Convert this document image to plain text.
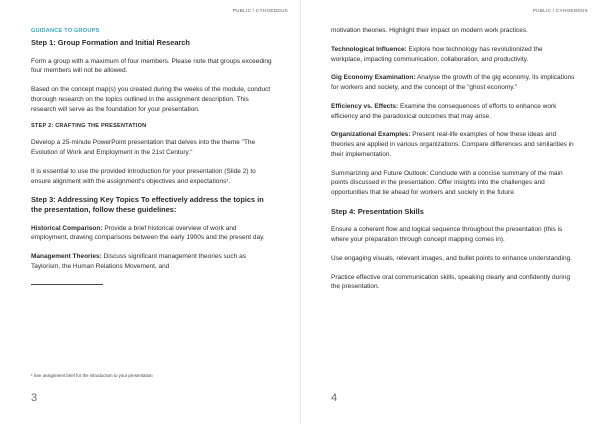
PUBLIC / CYHOEDDUS
GUIDANCE TO GROUPS
Step 1: Group Formation and Initial Research

Form a group with a maximum of four members. Please note that groups exceeding four members will not be allowed.

Based on the concept map(s) you created during the weeks of the module, conduct thorough research on the topics outlined in the assignment description. This research will serve as the foundation for your presentation.

STEP 2: CRAFTING THE PRESENTATION

Develop a 25-minute PowerPoint presentation that delves into the theme "The Evolution of Work and Employment in the 21st Century."

It is essential to use the provided introduction for your presentation (Slide 2) to ensure alignment with the assignment's objectives and expectations¹.

Step 3: Addressing Key Topics To effectively address the topics in the presentation, follow these guidelines:

Historical Comparison: Provide a brief historical overview of work and employment, drawing comparisons between the early 1900s and the present day.

Management Theories: Discuss significant management theories such as Taylorism, the Human Relations Movement, and

¹ See assignment brief for the introduction to your presentation
3
PUBLIC / CYHOEDDUS

motivation theories. Highlight their impact on modern work practices.

Technological Influence: Explore how technology has revolutionized the workplace, impacting communication, collaboration, and productivity.

Gig Economy Examination: Analyse the growth of the gig economy, its implications for workers and society, and the concept of the "ghost economy."

Efficiency vs. Effects: Examine the consequences of efforts to enhance work efficiency and the paradoxical outcomes that may arise.

Organizational Examples: Present real-life examples of how these ideas and theories are applied in various organizations. Compare differences and similarities in their implementation.

Summarizing and Future Outlook: Conclude with a concise summary of the main points discussed in the presentation. Offer insights into the challenges and opportunities that lie ahead for workers and society in the future.

Step 4: Presentation Skills

Ensure a coherent flow and logical sequence throughout the presentation (this is where your preparation through concept mapping comes in).

Use engaging visuals, relevant images, and bullet points to enhance understanding.

Practice effective oral communication skills, speaking clearly and confidently during the presentation.

4
